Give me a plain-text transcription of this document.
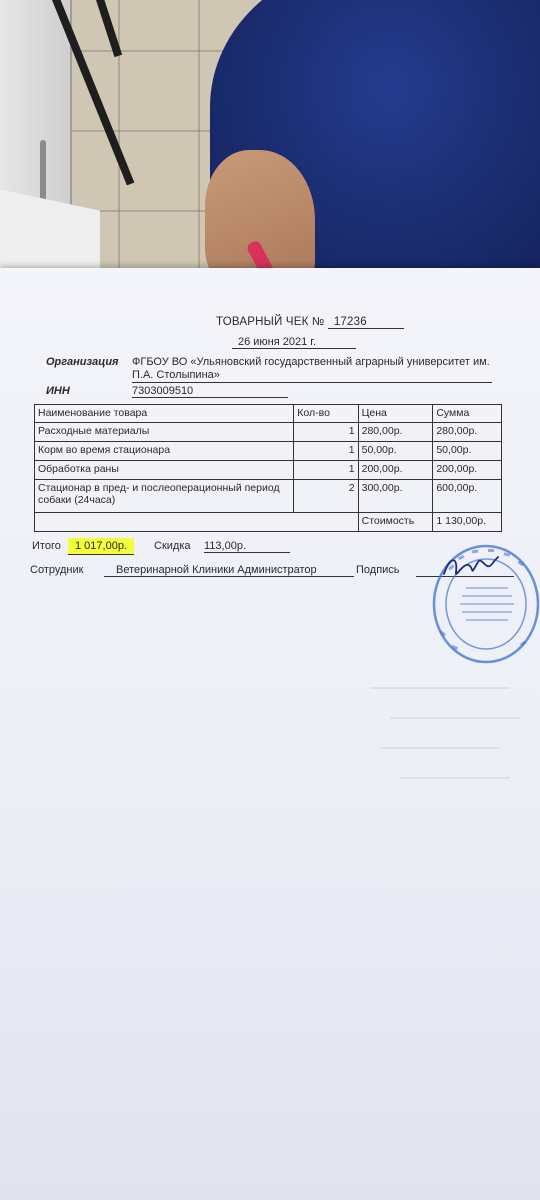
ТОВАРНЫЙ ЧЕК № 17236
26 июня 2021 г.
Организация ФГБОУ ВО «Ульяновский государственный аграрный университет им. П.А. Столыпина»
ИНН	7303009510
Наименование товара	Кол-во	Цена	Сумма
Расходные материалы	1	280,00р.	280,00р.
Корм во время стационара	1	50,00р.	50,00р.
Обработка раны	1	200,00р.	200,00р.
Стационар в пред- и послеоперационный период собаки (24часа)	2	300,00р.	600,00р.
		Стоимость	1 130,00р.
Итого	1 017,00р.	Скидка 113,00р.
Сотрудник	Ветеринарной Клиники Администратор	Подпись
